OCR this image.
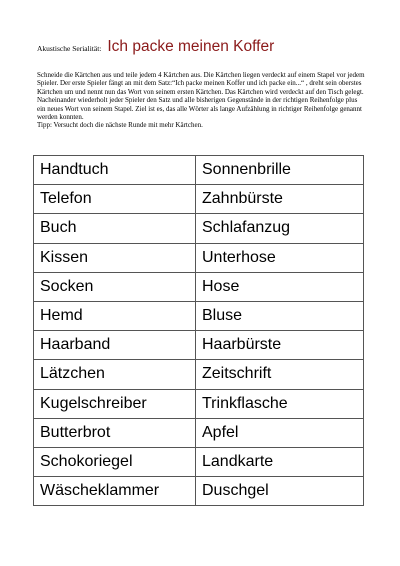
Akustische Serialität: Ich packe meinen Koffer

Schneide die Kärtchen aus und teile jedem 4 Kärtchen aus. Die Kärtchen liegen verdeckt auf einem Stapel vor jedem Spieler. Der erste Spieler fängt an mit dem Satz:“Ich packe meinen Koffer und ich packe ein...“ , dreht sein oberstes Kärtchen um und nennt nun das Wort von seinem ersten Kärtchen. Das Kärtchen wird verdeckt auf den Tisch gelegt. Nacheinander wiederholt jeder Spieler den Satz und alle bisherigen Gegenstände in der richtigen Reihenfolge plus ein neues Wort von seinem Stapel. Ziel ist es, das alle Wörter als lange Aufzählung in richtiger Reihenfolge genannt werden konnten.
Tipp: Versucht doch die nächste Runde mit mehr Kärtchen.

Handtuch	Sonnenbrille
Telefon	Zahnbürste
Buch	Schlafanzug
Kissen	Unterhose
Socken	Hose
Hemd	Bluse
Haarband	Haarbürste
Lätzchen	Zeitschrift
Kugelschreiber	Trinkflasche
Butterbrot	Apfel
Schokoriegel	Landkarte
Wäscheklammer	Duschgel
